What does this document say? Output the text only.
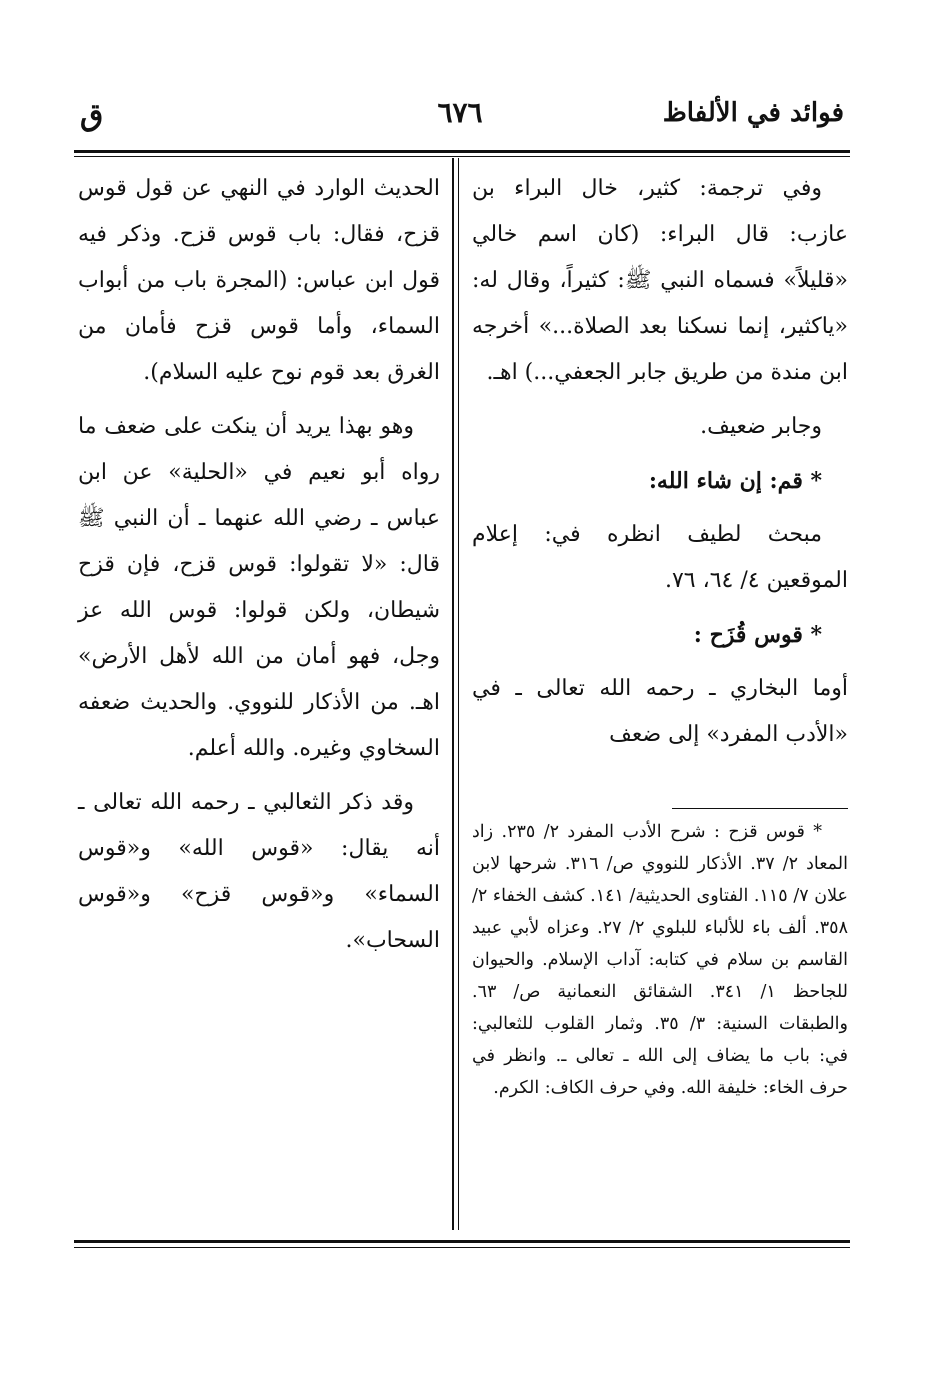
فوائد في الألفاظ
٦٧٦
ق

وفي ترجمة: كثير، خال البراء بن عازب: قال البراء: (كان اسم خالي «قليلاً» فسماه النبي ﷺ: كثيراً، وقال له: «ياكثير، إنما نسكنا بعد الصلاة...» أخرجه ابن مندة من طريق جابر الجعفي...) اهـ.

وجابر ضعيف.

* قم: إن شاء الله:

مبحث لطيف انظره في: إعلام الموقعين ٤/ ٦٤، ٧٦.

* قوس قُزَح :

أوما البخاري ـ رحمه الله تعالى ـ في «الأدب المفرد» إلى ضعف

* قوس قزح : شرح الأدب المفرد ٢/ ٢٣٥. زاد المعاد ٢/ ٣٧. الأذكار للنووي ص/ ٣١٦. شرحها لابن علان ٧/ ١١٥. الفتاوى الحديثية/ ١٤١. كشف الخفاء ٢/ ٣٥٨. ألف باء للألباء للبلوي ٢/ ٢٧. وعزاه لأبي عبيد القاسم بن سلام في كتابه: آداب الإسلام. والحيوان للجاحظ ١/ ٣٤١. الشقائق النعمانية ص/ ٦٣. والطبقات السنية: ٣/ ٣٥. وثمار القلوب للثعالبي: في: باب ما يضاف إلى الله ـ تعالى ـ. وانظر في حرف الخاء: خليفة الله. وفي حرف الكاف: الكرم.

الحديث الوارد في النهي عن قول قوس قزح، فقال: باب قوس قزح. وذكر فيه قول ابن عباس: (المجرة باب من أبواب السماء، وأما قوس قزح فأمان من الغرق بعد قوم نوح عليه السلام).

وهو بهذا يريد أن ينكت على ضعف ما رواه أبو نعيم في «الحلية» عن ابن عباس ـ رضي الله عنهما ـ أن النبي ﷺ قال: «لا تقولوا: قوس قزح، فإن قزح شيطان، ولكن قولوا: قوس الله عز وجل، فهو أمان من الله لأهل الأرض» اهـ. من الأذكار للنووي. والحديث ضعفه السخاوي وغيره. والله أعلم.

وقد ذكر الثعالبي ـ رحمه الله تعالى ـ أنه يقال: «قوس الله» و«قوس السماء» و«قوس قزح» و«قوس السحاب».
